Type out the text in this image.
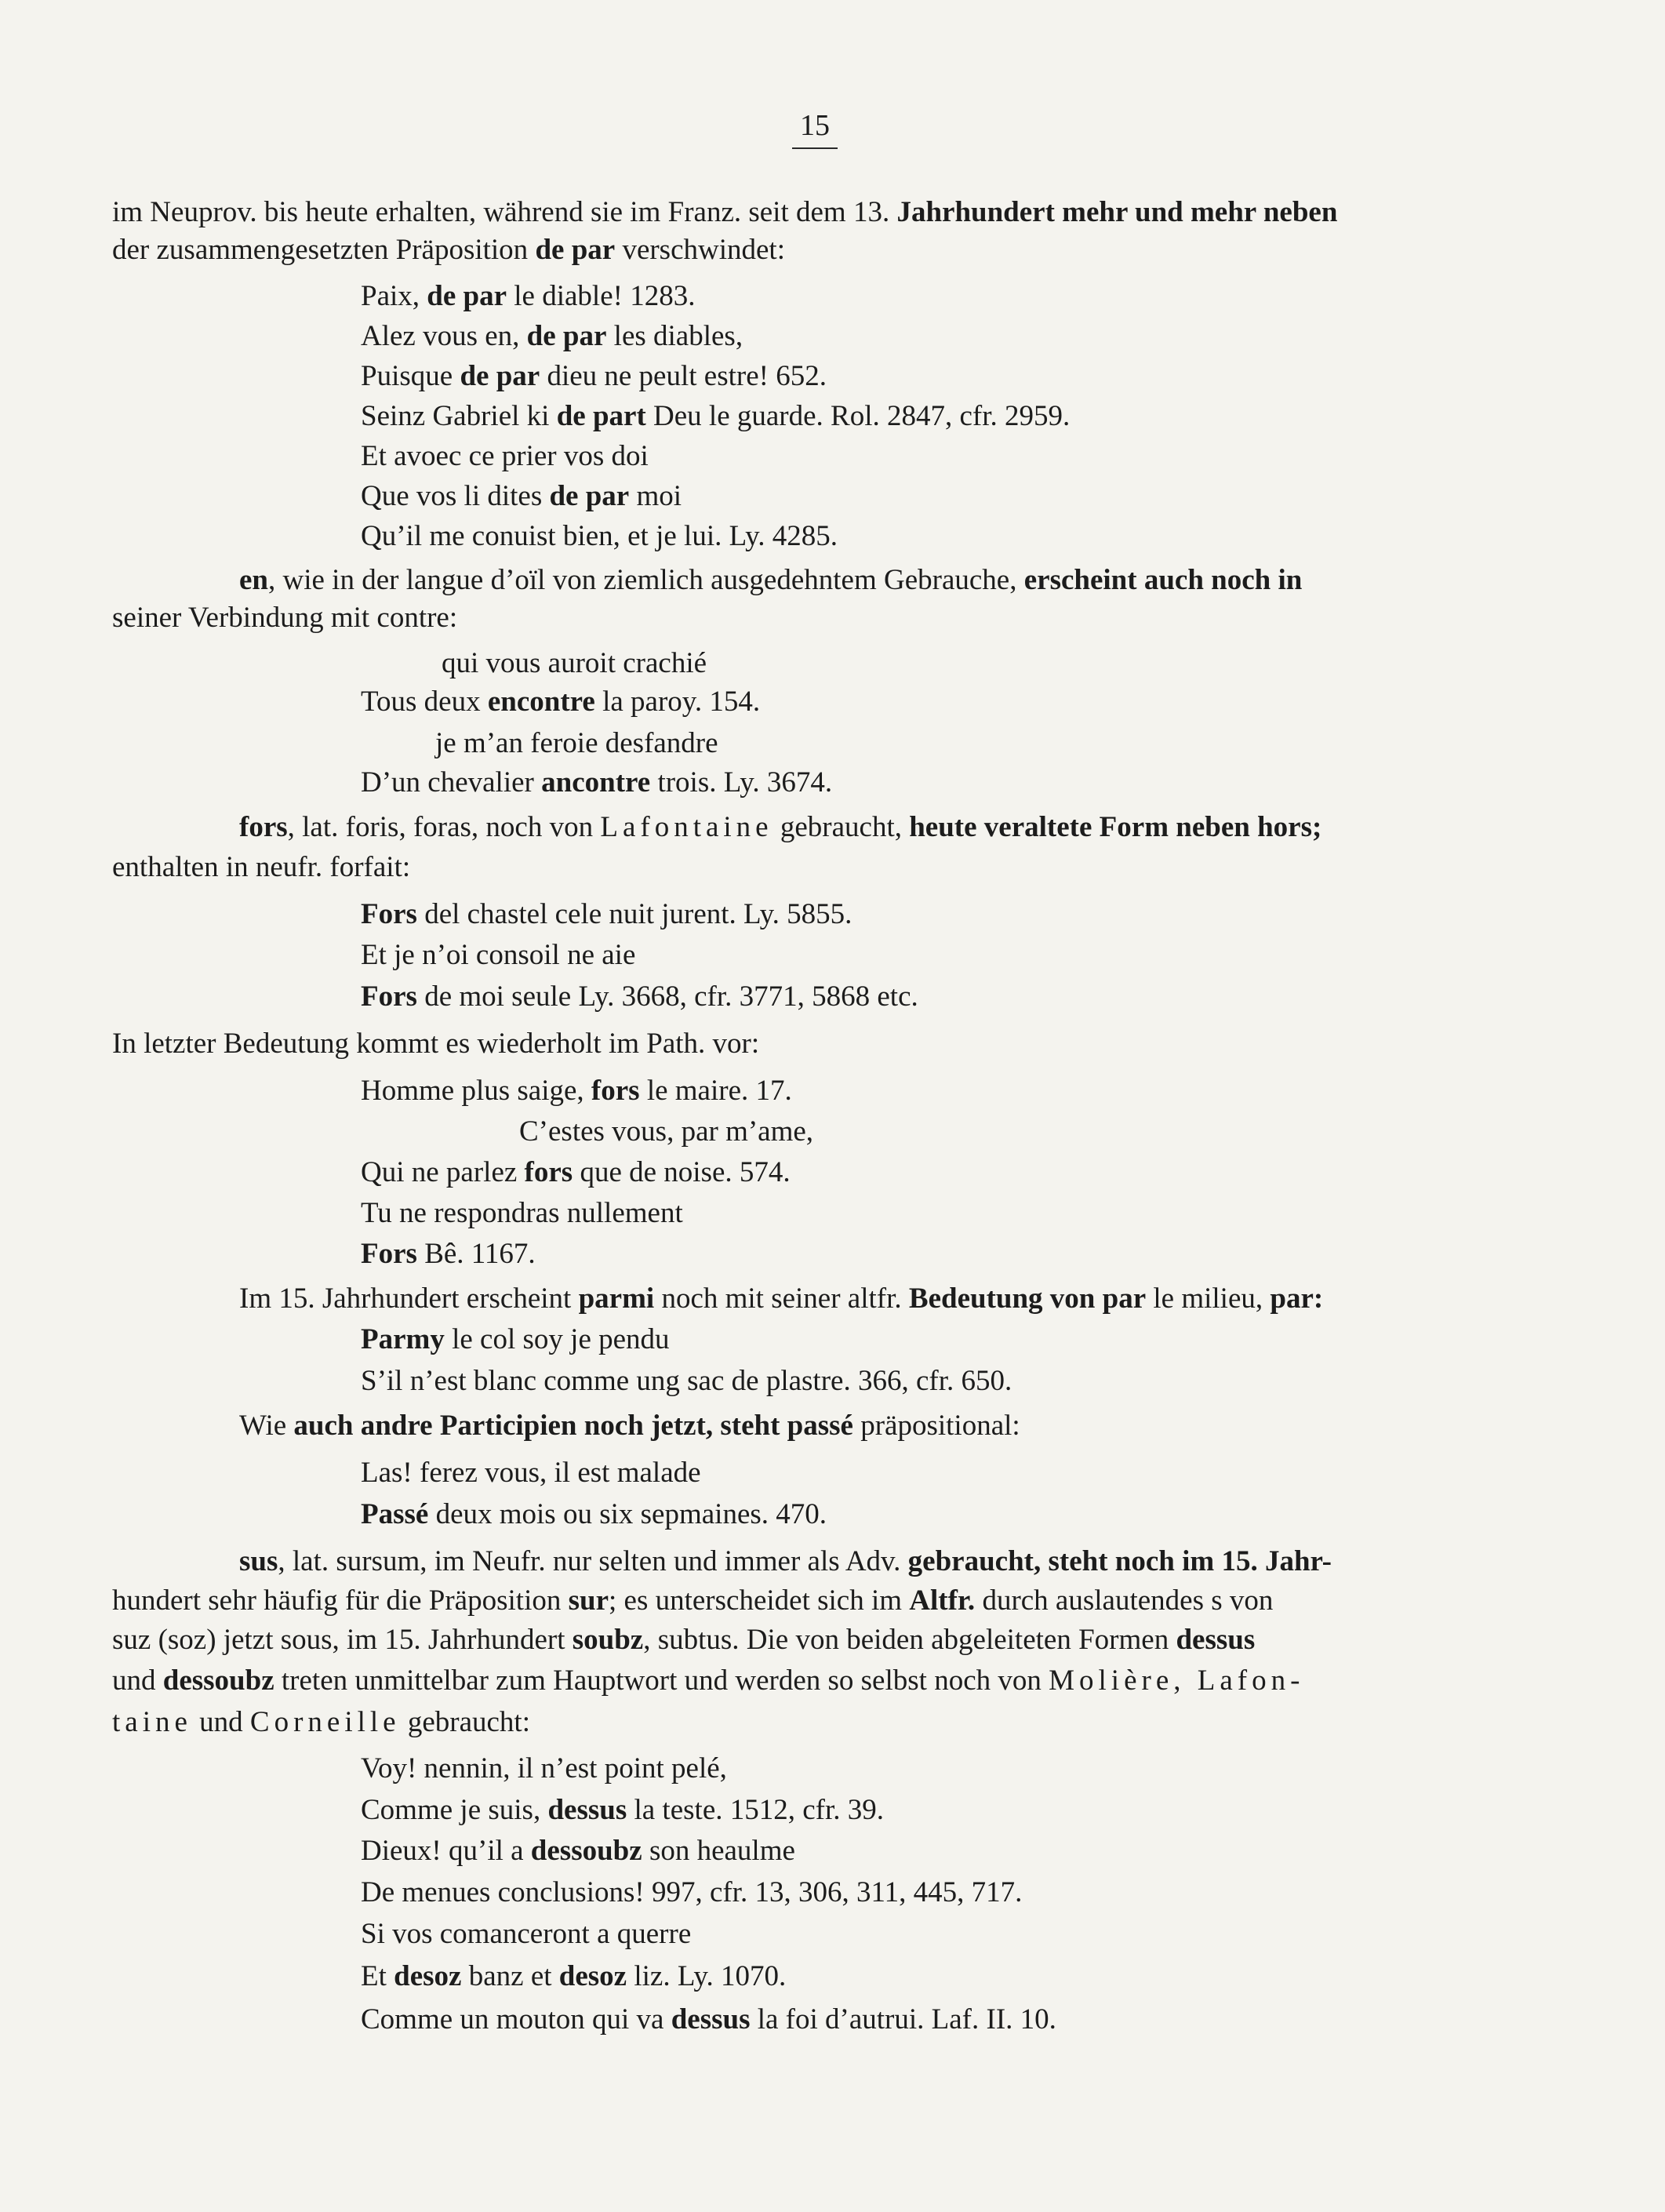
15
im Neuprov. bis heute erhalten, während sie im Franz. seit dem 13. Jahrhundert mehr und mehr neben
der zusammengesetzten Präposition de par verschwindet:
Paix, de par le diable! 1283.
Alez vous en, de par les diables,
Puisque de par dieu ne peult estre! 652.
Seinz Gabriel ki de part Deu le guarde. Rol. 2847, cfr. 2959.
Et avoec ce prier vos doi
Que vos li dites de par moi
Qu’il me conuist bien, et je lui. Ly. 4285.
en, wie in der langue d’oïl von ziemlich ausgedehntem Gebrauche, erscheint auch noch in
seiner Verbindung mit contre:
qui vous auroit crachié
Tous deux encontre la paroy. 154.
je m’an feroie desfandre
D’un chevalier ancontre trois. Ly. 3674.
fors, lat. foris, foras, noch von Lafontaine gebraucht, heute veraltete Form neben hors;
enthalten in neufr. forfait:
Fors del chastel cele nuit jurent. Ly. 5855.
Et je n’oi consoil ne aie
Fors de moi seule Ly. 3668, cfr. 3771, 5868 etc.
In letzter Bedeutung kommt es wiederholt im Path. vor:
Homme plus saige, fors le maire. 17.
C’estes vous, par m’ame,
Qui ne parlez fors que de noise. 574.
Tu ne respondras nullement
Fors Bê. 1167.
Im 15. Jahrhundert erscheint parmi noch mit seiner altfr. Bedeutung von par le milieu, par:
Parmy le col soy je pendu
S’il n’est blanc comme ung sac de plastre. 366, cfr. 650.
Wie auch andre Participien noch jetzt, steht passé präpositional:
Las! ferez vous, il est malade
Passé deux mois ou six sepmaines. 470.
sus, lat. sursum, im Neufr. nur selten und immer als Adv. gebraucht, steht noch im 15. Jahr-
hundert sehr häufig für die Präposition sur; es unterscheidet sich im Altfr. durch auslautendes s von
suz (soz) jetzt sous, im 15. Jahrhundert soubz, subtus. Die von beiden abgeleiteten Formen dessus
und dessoubz treten unmittelbar zum Hauptwort und werden so selbst noch von Molière, Lafon-
taine und Corneille gebraucht:
Voy! nennin, il n’est point pelé,
Comme je suis, dessus la teste. 1512, cfr. 39.
Dieux! qu’il a dessoubz son heaulme
De menues conclusions! 997, cfr. 13, 306, 311, 445, 717.
Si vos comanceront a querre
Et desoz banz et desoz liz. Ly. 1070.
Comme un mouton qui va dessus la foi d’autrui. Laf. II. 10.
